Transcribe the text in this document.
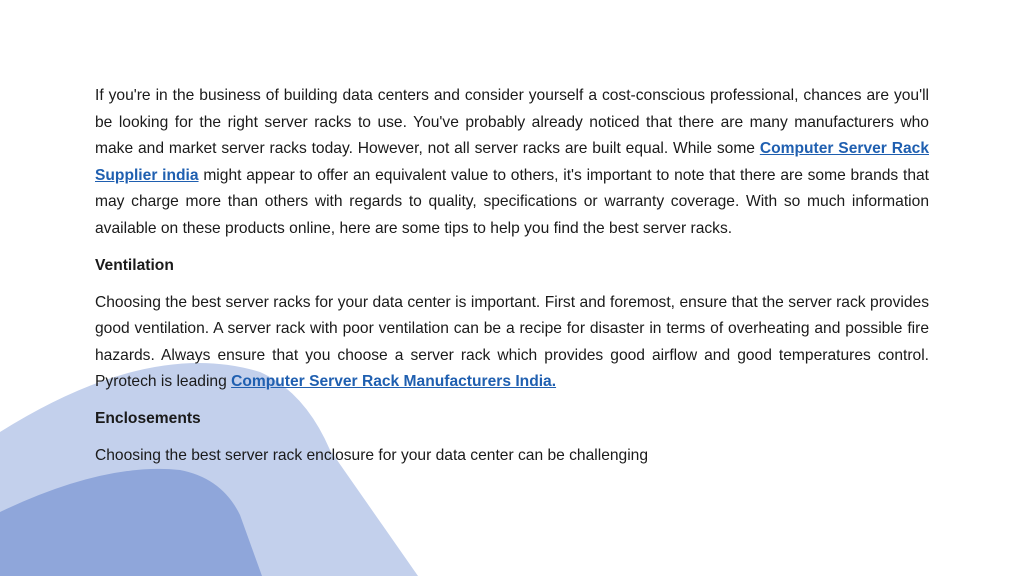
If you're in the business of building data centers and consider yourself a cost-conscious professional, chances are you'll be looking for the right server racks to use. You've probably already noticed that there are many manufacturers who make and market server racks today. However, not all server racks are built equal. While some Computer Server Rack Supplier india might appear to offer an equivalent value to others, it's important to note that there are some brands that may charge more than others with regards to quality, specifications or warranty coverage. With so much information available on these products online, here are some tips to help you find the best server racks.

Ventilation

Choosing the best server racks for your data center is important. First and foremost, ensure that the server rack provides good ventilation. A server rack with poor ventilation can be a recipe for disaster in terms of overheating and possible fire hazards. Always ensure that you choose a server rack which provides good airflow and good temperatures control. Pyrotech is leading Computer Server Rack Manufacturers India.

Enclosements

Choosing the best server rack enclosure for your data center can be challenging
